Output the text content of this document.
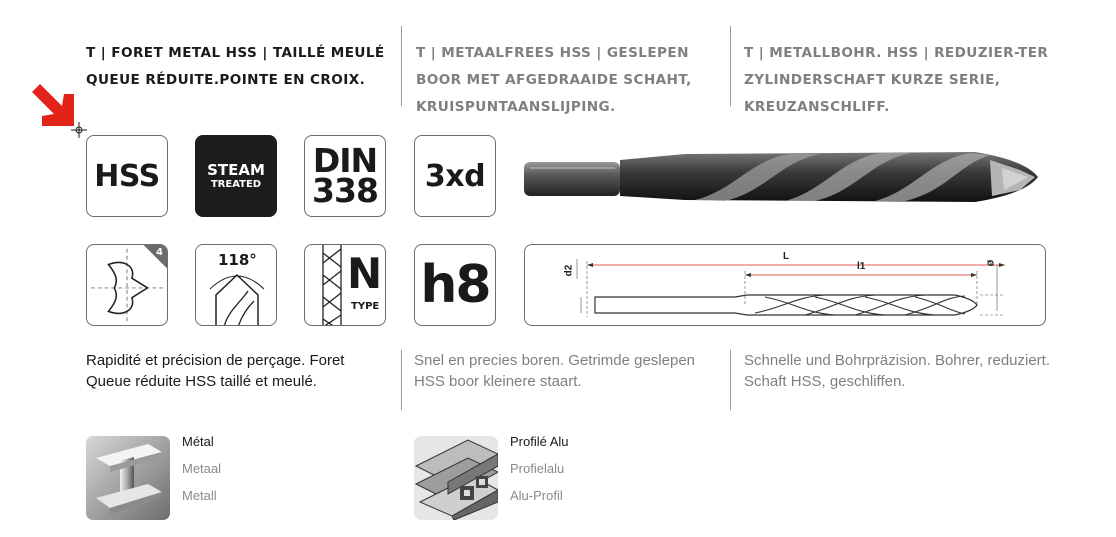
T | FORET METAL HSS | TAILLÉ MEULÉ QUEUE RÉDUITE.POINTE EN CROIX.
T | METAALFREES HSS | GESLEPEN BOOR MET AFGEDRAAIDE SCHAHT, KRUISPUNTAANSLIJPING.
T | METALLBOHR. HSS | REDUZIER-TER ZYLINDERSCHAFT KURZE SERIE, KREUZANSCHLIFF.
HSS	STEAM
TREATED
DIN
338 3xd
4	118° N
TYPE h8	L
l1
d2
ø
Rapidité et précision de perçage. Foret Queue réduite HSS taillé et meulé.
Snel en precies boren. Getrimde geslepen HSS boor kleinere staart.
Schnelle und Bohrpräzision. Bohrer, reduziert. Schaft HSS, geschliffen.
Métal
Metaal
Metall
Profilé Alu
Profielalu
Alu-Profil
